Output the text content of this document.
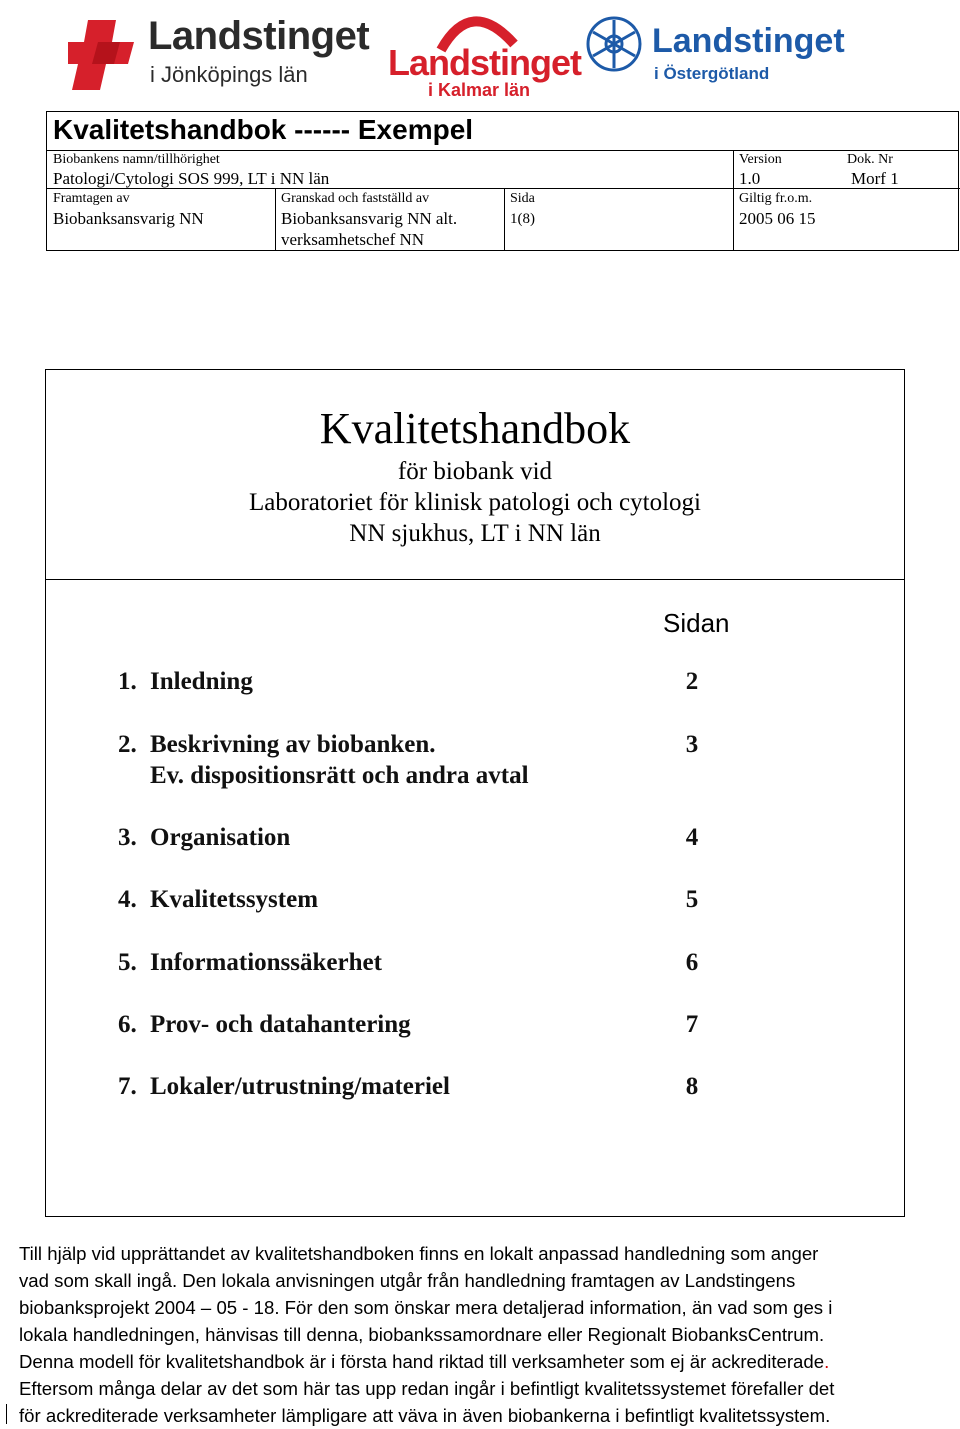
Landstinget
i Jönköpings län Landstinget
i Kalmar län
Landstinget
i Östergötland
Kvalitetshandbok ------ Exempel
Biobankens namn/tillhörighet
Patologi/Cytologi SOS 999, LT i NN län
Version
1.0
Dok. Nr
Morf 1
Framtagen av
Biobanksansvarig NN
Granskad och fastställd av
Biobanksansvarig NN alt.
verksamhetschef NN
Sida
1(8)
Giltig fr.o.m.
2005 06 15
Kvalitetshandbok
för biobank vid
Laboratoriet för klinisk patologi och cytologi
NN sjukhus, LT i NN län
Sidan
1. Inledning	2
2. Beskrivning av biobanken.	3
Ev. dispositionsrätt och andra avtal
3. Organisation	4
4. Kvalitetssystem	5
5. Informationssäkerhet	6
6. Prov- och datahantering	7
7. Lokaler/utrustning/materiel	8
Till hjälp vid upprättandet av kvalitetshandboken finns en lokalt anpassad handledning som anger
vad som skall ingå. Den lokala anvisningen utgår från handledning framtagen av Landstingens
biobanksprojekt 2004 – 05 - 18. För den som önskar mera detaljerad information, än vad som ges i
lokala handledningen, hänvisas till denna, biobankssamordnare eller Regionalt BiobanksCentrum.
Denna modell för kvalitetshandbok är i första hand riktad till verksamheter som ej är ackrediterade.
Eftersom många delar av det som här tas upp redan ingår i befintligt kvalitetssystemet förefaller det
för ackrediterade verksamheter lämpligare att väva in även biobankerna i befintligt kvalitetssystem.
